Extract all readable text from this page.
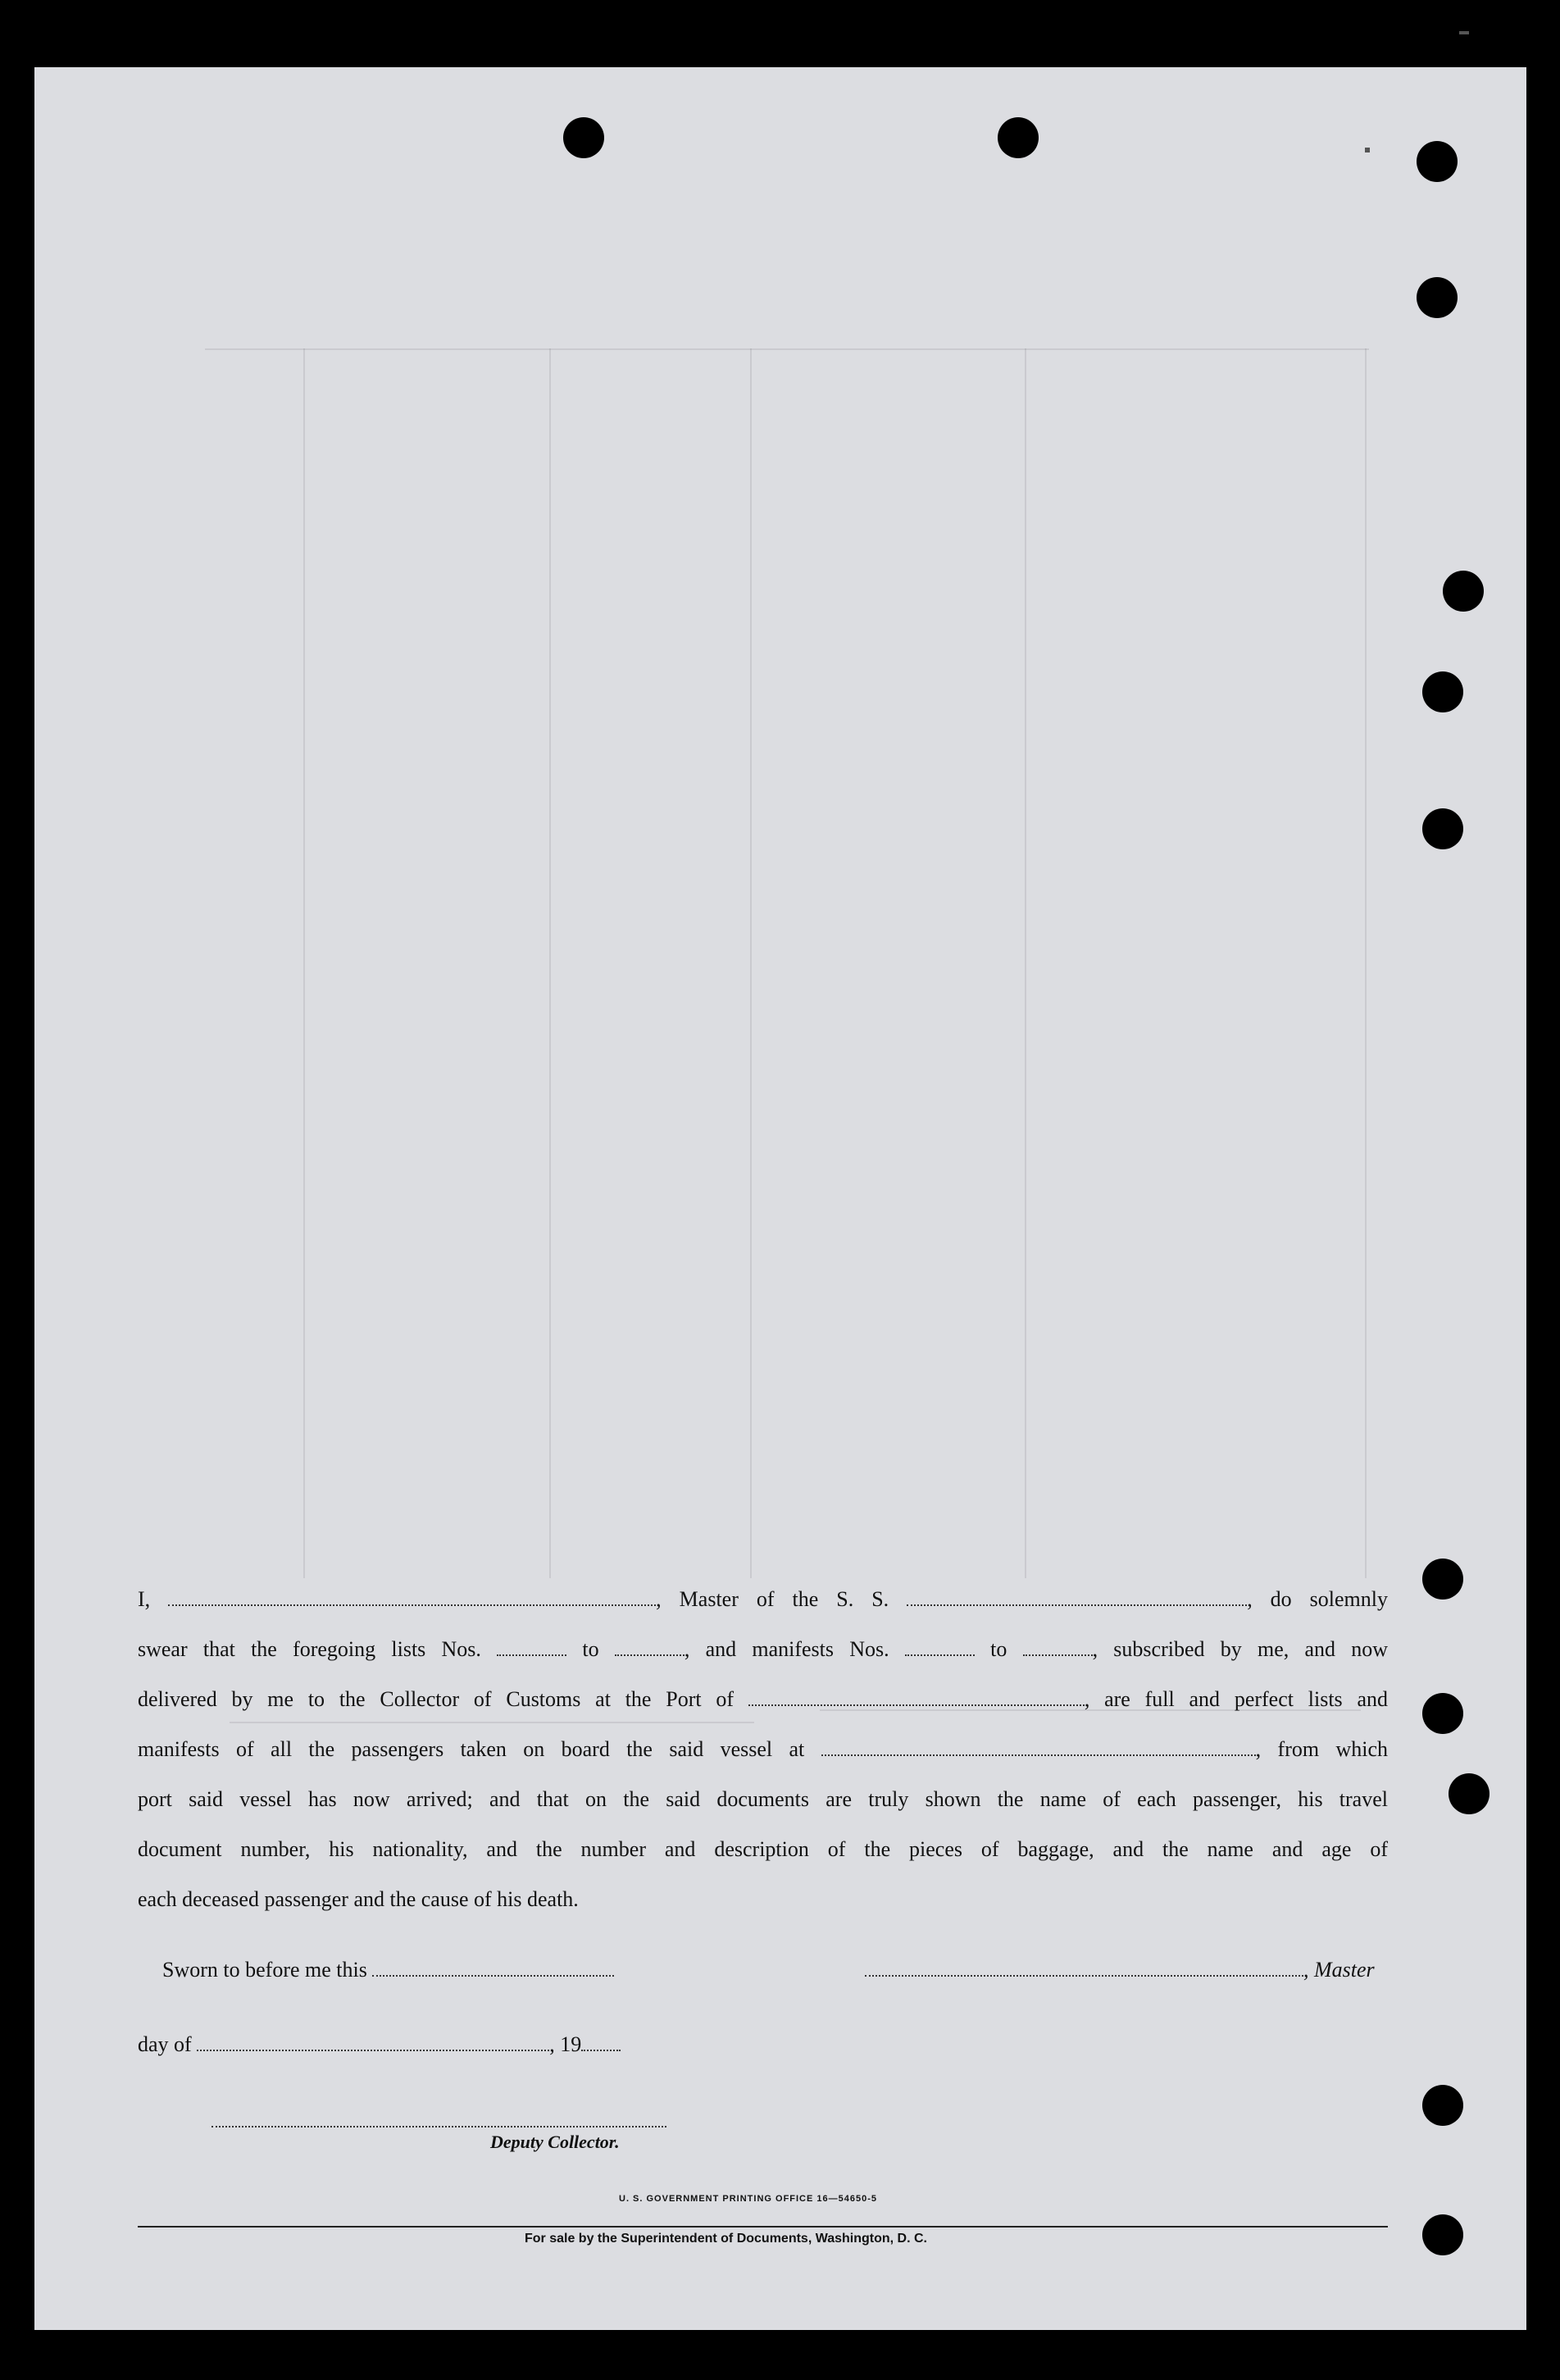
I,	, Master of the S. S.	, do solemnly

swear that the foregoing lists Nos.	to	, and manifests Nos.	to	, subscribed by me, and now

delivered by me to the Collector of Customs at the Port of	, are full and perfect lists and

manifests of all the passengers taken on board the said vessel at	, from which

port said vessel has now arrived; and that on the said documents are truly shown the name of each passenger, his travel

document number, his nationality, and the number and description of the pieces of baggage, and the name and age of

each deceased passenger and the cause of his death.

Sworn to before me this	, Master
day of	, 19
Deputy Collector.
U. S. GOVERNMENT PRINTING OFFICE 16—54650-5
For sale by the Superintendent of Documents, Washington, D. C.
